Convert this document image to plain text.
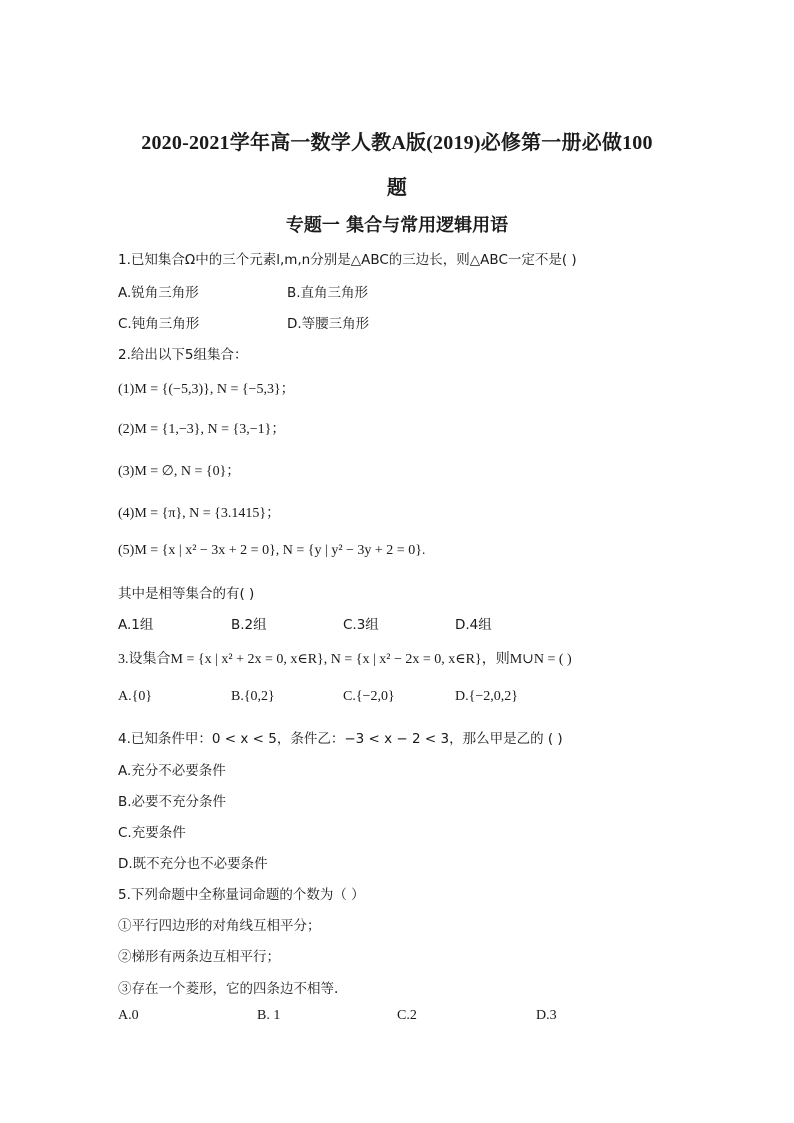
2020-2021学年高一数学人教A版(2019)必修第一册必做100
题
专题一 集合与常用逻辑用语
1.已知集合Ω中的三个元素l,m,n分别是△ABC的三边长，则△ABC一定不是( )
A.锐角三角形	B.直角三角形
C.钝角三角形	D.等腰三角形
2.给出以下5组集合：
(1)M = {(−5,3)}, N = {−5,3}；
(2)M = {1,−3}, N = {3,−1}；
(3)M = ∅, N = {0}；
(4)M = {π}, N = {3.1415}；
(5)M = {x | x² − 3x + 2 = 0}, N = {y | y² − 3y + 2 = 0}.
其中是相等集合的有( )
A.1组	B.2组	C.3组	D.4组
3.设集合M = {x | x² + 2x = 0, x∈R}, N = {x | x² − 2x = 0, x∈R}，则M∪N = ( )
A.{0}	B.{0,2}	C.{−2,0}	D.{−2,0,2}
4.已知条件甲：0 < x < 5，条件乙：−3 < x − 2 < 3，那么甲是乙的 ( )
A.充分不必要条件
B.必要不充分条件
C.充要条件
D.既不充分也不必要条件
5.下列命题中全称量词命题的个数为（ ）
①平行四边形的对角线互相平分；
②梯形有两条边互相平行；
③存在一个菱形，它的四条边不相等.
A.0	B. 1	C.2	D.3
